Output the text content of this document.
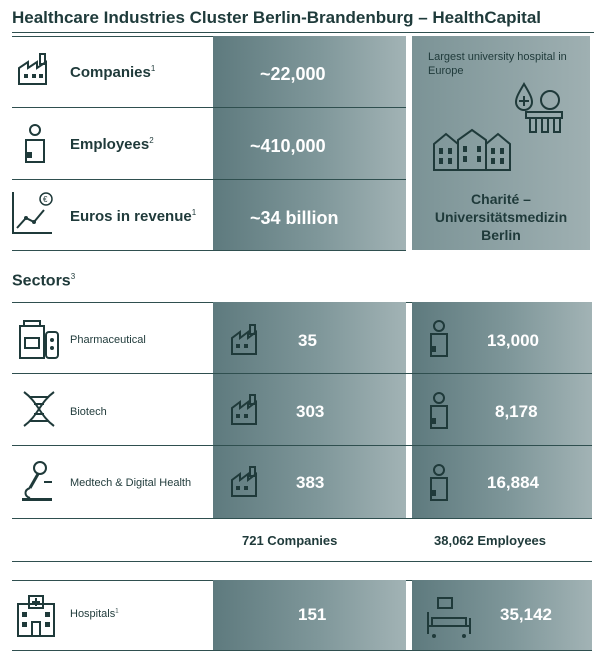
Healthcare Industries Cluster Berlin-Brandenburg – HealthCapital
Companies$^1$	~22,000
Employees$^2$	~410,000
€
Euros in revenue$^1$	~34 billion
Largest university hospital in Europe
Charité –
Universitätsmedizin
Berlin
Sectors$^3$
Pharmaceutical	35	13,000
Biotech	303	8,178
Medtech & Digital Health	383	16,884
721 Companies	38,062 Employees
Hospitals$^1$	151	35,142
